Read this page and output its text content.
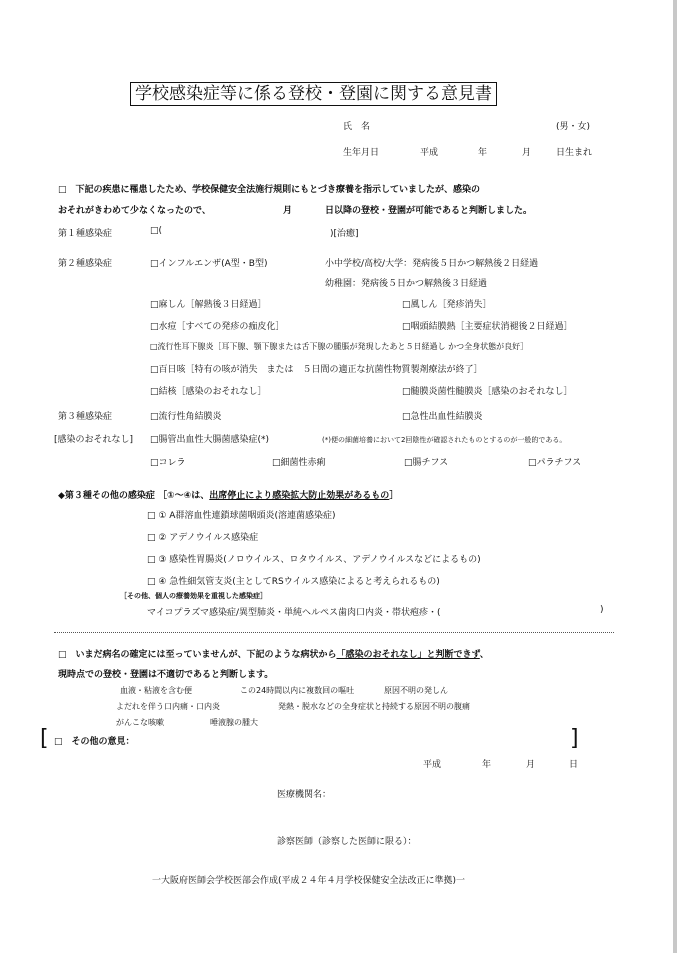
学校感染症等に係る登校・登園に関する意見書
氏　名	(男・女)
生年月日	平成	年	月	日生まれ
□　下記の疾患に罹患したため、学校保健安全法施行規則にもとづき療養を指示していましたが、感染の
おそれがきわめて少なくなったので、	月	日以降の登校・登園が可能であると判断しました。
第１種感染症	□(	)[治癒]
第２種感染症	□インフルエンザ(A型・B型)	小中学校/高校/大学：発病後５日かつ解熱後２日経過
幼稚園：発病後５日かつ解熱後３日経過
□麻しん［解熱後３日経過］	□風しん［発疹消失］
□水痘［すべての発疹の痂皮化］	□咽頭結膜熱［主要症状消褪後２日経過］
□流行性耳下腺炎［耳下腺、顎下腺または舌下腺の腫脹が発現したあと５日経過し かつ全身状態が良好］
□百日咳［特有の咳が消失　または　５日間の適正な抗菌性物質製剤療法が終了］
□結核［感染のおそれなし］	□髄膜炎菌性髄膜炎［感染のおそれなし］
第３種感染症
[感染のおそれなし]
□流行性角結膜炎	□急性出血性結膜炎
□腸管出血性大腸菌感染症(*)	(*)便の細菌培養において2回陰性が確認されたものとするのが一般的である。
□コレラ	□細菌性赤痢	□腸チフス	□パラチフス
◆第３種その他の感染症 ［①～④は、出席停止により感染拡大防止効果があるもの］
□ ① A群溶血性連鎖球菌咽頭炎(溶連菌感染症)
□ ② アデノウイルス感染症
□ ③ 感染性胃腸炎(ノロウイルス、ロタウイルス、アデノウイルスなどによるもの)
□ ④ 急性細気管支炎(主としてRSウイルス感染によると考えられるもの)
［その他、個人の療養効果を重視した感染症］
マイコプラズマ感染症/異型肺炎・単純ヘルペス歯肉口内炎・帯状疱疹・(	)
□　いまだ病名の確定には至っていませんが、下記のような病状から「感染のおそれなし」と判断できず、
現時点での登校・登園は不適切であると判断します。
血液・粘液を含む便	この24時間以内に複数回の嘔吐	原因不明の発しん
よだれを伴う口内痛・口内炎	発熱・脱水などの全身症状と持続する原因不明の腹痛
がんこな咳嗽	唾液腺の腫大
[ □　その他の意見：	]
平成	年	月	日
医療機関名：
診察医師（診察した医師に限る）：
一大阪府医師会学校医部会作成(平成２４年４月学校保健安全法改正に準拠)一
